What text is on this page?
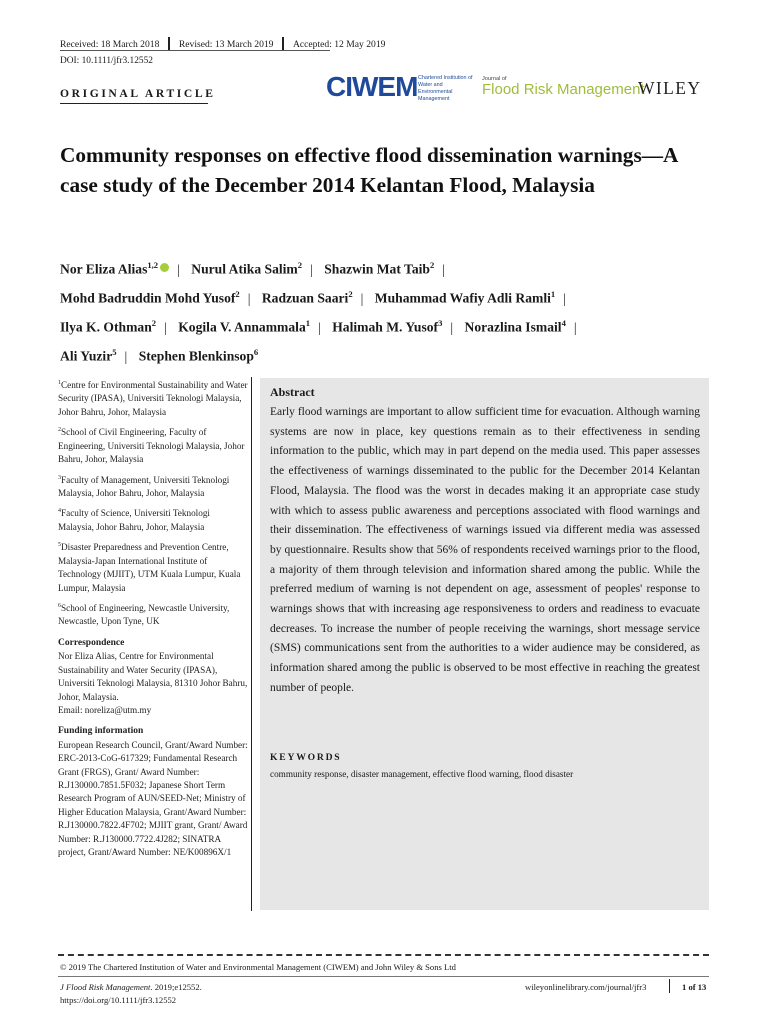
Received: 18 March 2018	Revised: 13 March 2019	Accepted: 12 May 2019
DOI: 10.1111/jfr3.12552
ORIGINAL ARTICLE	CIWEM Chartered Institution of Water and Environmental Management
Journal of
Flood Risk Management
WILEY
Community responses on effective flood dissemination warnings—A case study of the December 2014 Kelantan Flood, Malaysia
Nor Eliza Alias$^{1,2}$ | Nurul Atika Salim$^2$ | Shazwin Mat Taib$^2$ |
Mohd Badruddin Mohd Yusof$^2$ | Radzuan Saari$^2$ | Muhammad Wafiy Adli Ramli$^1$ |
Ilya K. Othman$^2$ | Kogila V. Annammala$^1$ | Halimah M. Yusof$^3$ | Norazlina Ismail$^4$ |
Ali Yuzir$^5$ | Stephen Blenkinsop$^6$
$^1$Centre for Environmental Sustainability and Water Security (IPASA), Universiti Teknologi Malaysia, Johor Bahru, Johor, Malaysia
$^2$School of Civil Engineering, Faculty of Engineering, Universiti Teknologi Malaysia, Johor Bahru, Johor, Malaysia
$^3$Faculty of Management, Universiti Teknologi Malaysia, Johor Bahru, Johor, Malaysia
$^4$Faculty of Science, Universiti Teknologi Malaysia, Johor Bahru, Johor, Malaysia
$^5$Disaster Preparedness and Prevention Centre, Malaysia-Japan International Institute of Technology (MJIIT), UTM Kuala Lumpur, Kuala Lumpur, Malaysia
$^6$School of Engineering, Newcastle University, Newcastle, Upon Tyne, UK
Correspondence
Nor Eliza Alias, Centre for Environmental Sustainability and Water Security (IPASA), Universiti Teknologi Malaysia, 81310 Johor Bahru, Johor, Malaysia.
Email: noreliza@utm.my
Funding information
European Research Council, Grant/Award Number: ERC-2013-CoG-617329; Fundamental Research Grant (FRGS), Grant/ Award Number: R.J130000.7851.5F032; Japanese Short Term Research Program of AUN/SEED-Net; Ministry of Higher Education Malaysia, Grant/Award Number: R.J130000.7822.4F702; MJIIT grant, Grant/ Award Number: R.J130000.7722.4J282; SINATRA project, Grant/Award Number: NE/K00896X/1
Abstract
Early flood warnings are important to allow sufficient time for evacuation. Although warning systems are now in place, key questions remain as to their effectiveness in sending information to the public, which may in part depend on the media used. This paper assesses the effectiveness of warnings disseminated to the public for the December 2014 Kelantan Flood, Malaysia. The flood was the worst in decades making it an appropriate case study with which to assess public awareness and perceptions associated with flood warnings and their dissemination. The effectiveness of warnings issued via different media was assessed by questionnaire. Results show that 56% of respondents received warnings prior to the flood, a majority of them through television and information shared among the public. While the preferred medium of warning is not dependent on age, assessment of peoples' response to warnings shows that with increasing age responsiveness to orders and readiness to evacuate decreases. To increase the number of people receiving the warnings, short message service (SMS) communications sent from the authorities to a wider audience may be considered, as information shared among the public is observed to be most effective in reaching the greatest number of people.
KEYWORDS
community response, disaster management, effective flood warning, flood disaster
© 2019 The Chartered Institution of Water and Environmental Management (CIWEM) and John Wiley & Sons Ltd
J Flood Risk Management. 2019;e12552.
https://doi.org/10.1111/jfr3.12552
wileyonlinelibrary.com/journal/jfr3	1 of 13
